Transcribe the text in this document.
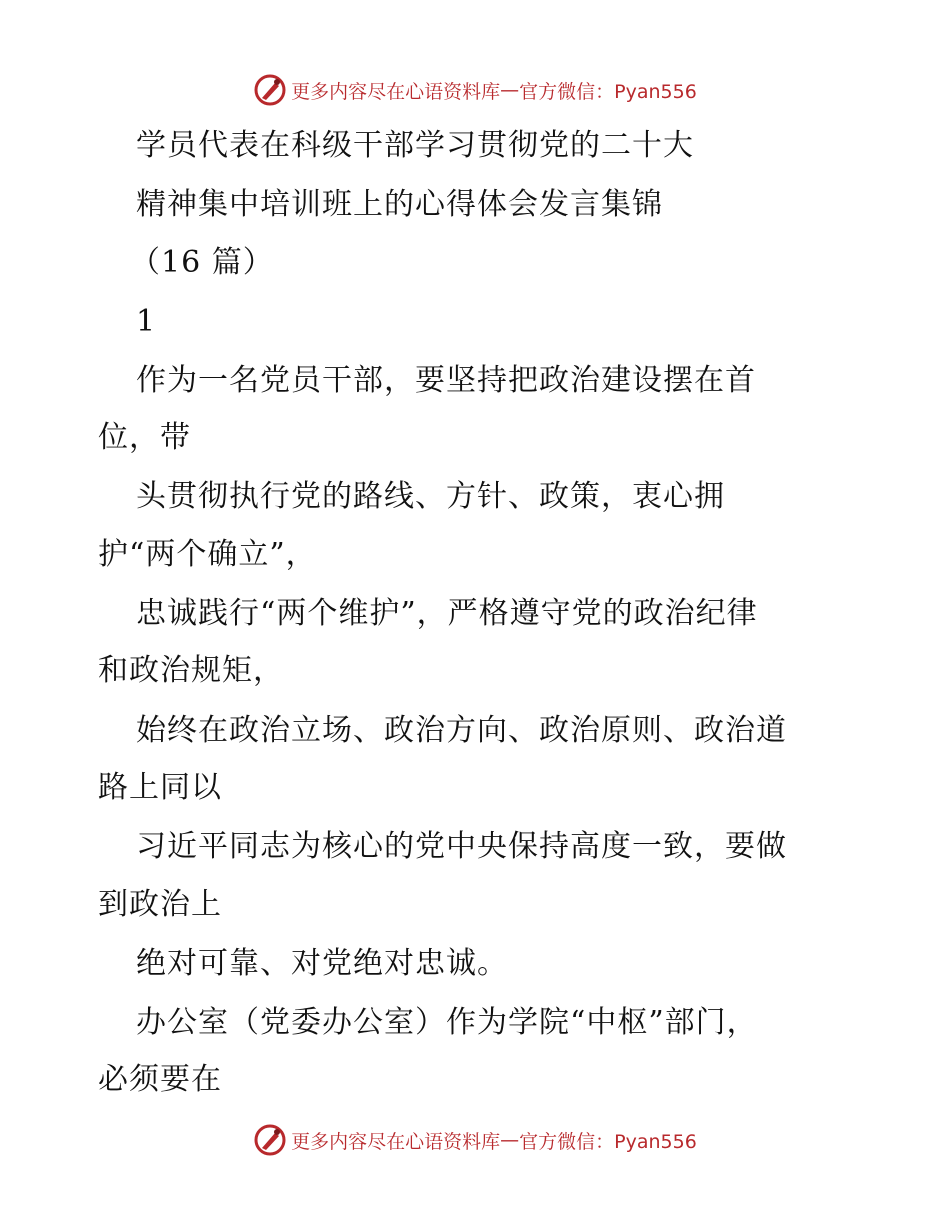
更多内容尽在心语资料库 — 官方微信：Pyan556
学员代表在科级干部学习贯彻党的二十大
精神集中培训班上的心得体会发言集锦
（16 篇）
1
作为一名党员干部，要坚持把政治建设摆在首
位，带
头贯彻执行党的路线、方针、政策，衷心拥
护“两个确立”，
忠诚践行“两个维护”，严格遵守党的政治纪律
和政治规矩，
始终在政治立场、政治方向、政治原则、政治道
路上同以
习近平同志为核心的党中央保持高度一致，要做
到政治上
绝对可靠、对党绝对忠诚。
办公室（党委办公室）作为学院“中枢”部门，
必须要在
更多内容尽在心语资料库 — 官方微信：Pyan556
